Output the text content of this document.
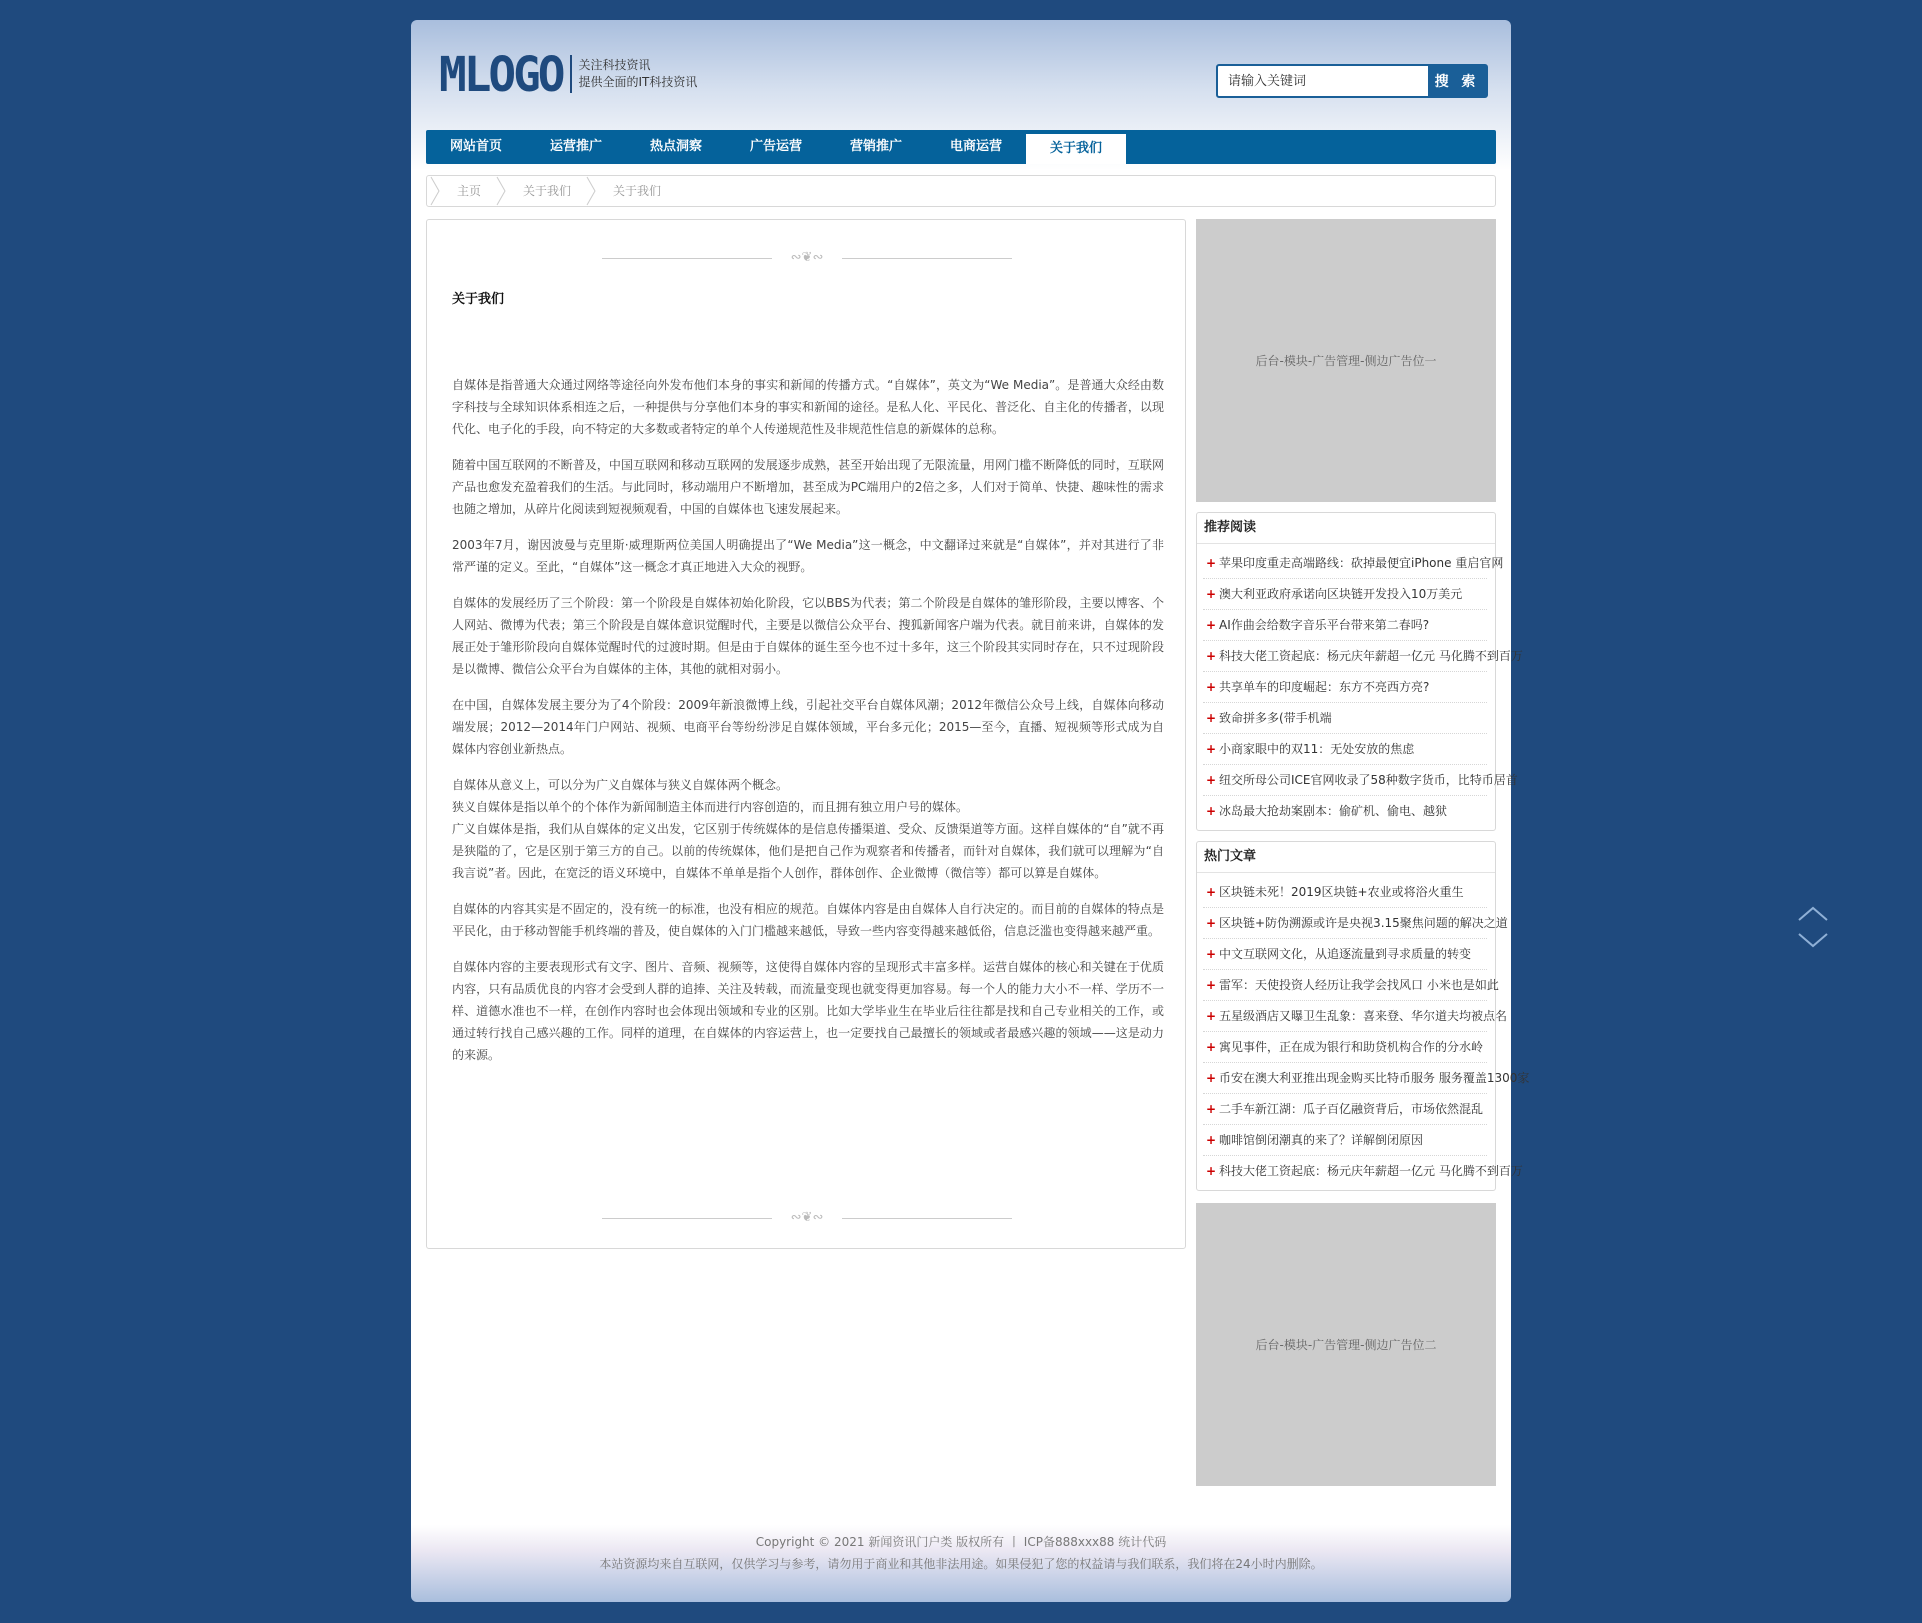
MLOGO 关注科技资讯
提供全面的IT科技资讯
请输入关键词	搜 索
网站首页	运营推广	热点洞察	广告运营	营销推广	电商运营	关于我们
主页	关于我们	关于我们
∾❦∾
关于我们

自媒体是指普通大众通过网络等途径向外发布他们本身的事实和新闻的传播方式。“自媒体”，英文为“We Media”。是普通大众经由数字科技与全球知识体系相连之后，一种提供与分享他们本身的事实和新闻的途径。是私人化、平民化、普泛化、自主化的传播者，以现代化、电子化的手段，向不特定的大多数或者特定的单个人传递规范性及非规范性信息的新媒体的总称。

随着中国互联网的不断普及，中国互联网和移动互联网的发展逐步成熟，甚至开始出现了无限流量，用网门槛不断降低的同时，互联网产品也愈发充盈着我们的生活。与此同时，移动端用户不断增加，甚至成为PC端用户的2倍之多，人们对于简单、快捷、趣味性的需求也随之增加，从碎片化阅读到短视频观看，中国的自媒体也飞速发展起来。

2003年7月，谢因波曼与克里斯·威理斯两位美国人明确提出了“We Media”这一概念，中文翻译过来就是“自媒体”，并对其进行了非常严谨的定义。至此，“自媒体”这一概念才真正地进入大众的视野。

自媒体的发展经历了三个阶段：第一个阶段是自媒体初始化阶段，它以BBS为代表；第二个阶段是自媒体的雏形阶段，主要以博客、个人网站、微博为代表；第三个阶段是自媒体意识觉醒时代，主要是以微信公众平台、搜狐新闻客户端为代表。就目前来讲，自媒体的发展正处于雏形阶段向自媒体觉醒时代的过渡时期。但是由于自媒体的诞生至今也不过十多年，这三个阶段其实同时存在，只不过现阶段是以微博、微信公众平台为自媒体的主体，其他的就相对弱小。

在中国，自媒体发展主要分为了4个阶段：2009年新浪微博上线，引起社交平台自媒体风潮；2012年微信公众号上线，自媒体向移动端发展；2012—2014年门户网站、视频、电商平台等纷纷涉足自媒体领域，平台多元化；2015—至今，直播、短视频等形式成为自媒体内容创业新热点。

自媒体从意义上，可以分为广义自媒体与狭义自媒体两个概念。
狭义自媒体是指以单个的个体作为新闻制造主体而进行内容创造的，而且拥有独立用户号的媒体。
广义自媒体是指，我们从自媒体的定义出发，它区别于传统媒体的是信息传播渠道、受众、反馈渠道等方面。这样自媒体的“自”就不再是狭隘的了，它是区别于第三方的自己。以前的传统媒体，他们是把自己作为观察者和传播者，而针对自媒体，我们就可以理解为“自我言说”者。因此，在宽泛的语义环境中，自媒体不单单是指个人创作，群体创作、企业微博（微信等）都可以算是自媒体。

自媒体的内容其实是不固定的，没有统一的标准，也没有相应的规范。自媒体内容是由自媒体人自行决定的。而目前的自媒体的特点是平民化，由于移动智能手机终端的普及，使自媒体的入门门槛越来越低，导致一些内容变得越来越低俗，信息泛滥也变得越来越严重。

自媒体内容的主要表现形式有文字、图片、音频、视频等，这使得自媒体内容的呈现形式丰富多样。运营自媒体的核心和关键在于优质内容，只有品质优良的内容才会受到人群的追捧、关注及转载，而流量变现也就变得更加容易。每一个人的能力大小不一样、学历不一样、道德水准也不一样，在创作内容时也会体现出领域和专业的区别。比如大学毕业生在毕业后往往都是找和自己专业相关的工作，或通过转行找自己感兴趣的工作。同样的道理，在自媒体的内容运营上，也一定要找自己最擅长的领域或者最感兴趣的领域——这是动力的来源。

∾❦∾
后台-模块-广告管理-侧边广告位一
推荐阅读
+ 苹果印度重走高端路线：砍掉最便宜iPhone 重启官网
+ 澳大利亚政府承诺向区块链开发投入10万美元
+ AI作曲会给数字音乐平台带来第二春吗?
+ 科技大佬工资起底：杨元庆年薪超一亿元 马化腾不到百万
+ 共享单车的印度崛起：东方不亮西方亮?
+ 致命拼多多(带手机端
+ 小商家眼中的双11：无处安放的焦虑
+ 纽交所母公司ICE官网收录了58种数字货币，比特币居首
+ 冰岛最大抢劫案剧本：偷矿机、偷电、越狱
热门文章
+ 区块链未死！2019区块链+农业或将浴火重生
+ 区块链+防伪溯源或许是央视3.15聚焦问题的解决之道
+ 中文互联网文化，从追逐流量到寻求质量的转变
+ 雷军：天使投资人经历让我学会找风口 小米也是如此
+ 五星级酒店又曝卫生乱象：喜来登、华尔道夫均被点名
+ 寓见事件，正在成为银行和助贷机构合作的分水岭
+ 币安在澳大利亚推出现金购买比特币服务 服务覆盖1300家
+ 二手车新江湖：瓜子百亿融资背后，市场依然混乱
+ 咖啡馆倒闭潮真的来了？详解倒闭原因
+ 科技大佬工资起底：杨元庆年薪超一亿元 马化腾不到百万
后台-模块-广告管理-侧边广告位二
Copyright © 2021 新闻资讯门户类 版权所有 丨 ICP备888xxx88 统计代码
本站资源均来自互联网，仅供学习与参考，请勿用于商业和其他非法用途。如果侵犯了您的权益请与我们联系，我们将在24小时内删除。
